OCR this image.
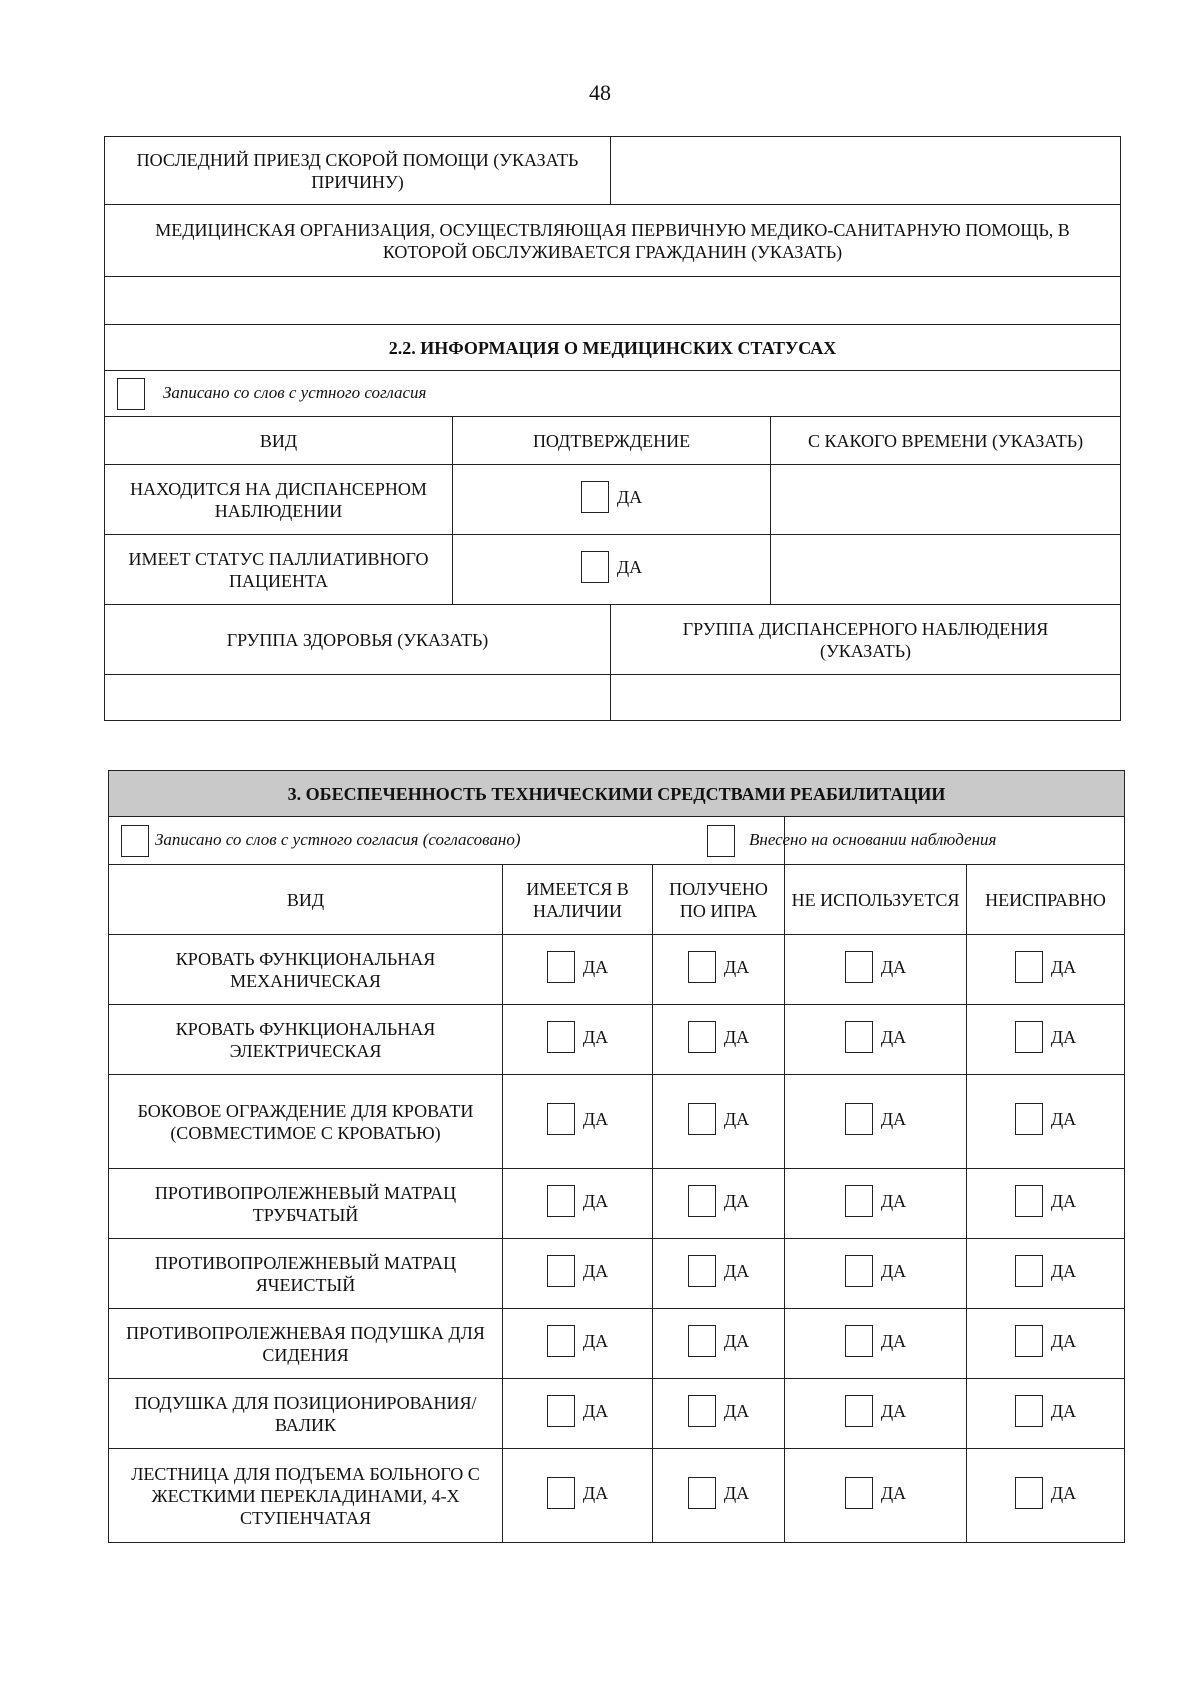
48
ПОСЛЕДНИЙ ПРИЕЗД СКОРОЙ ПОМОЩИ (УКАЗАТЬ ПРИЧИНУ)			
МЕДИЦИНСКАЯ ОРГАНИЗАЦИЯ, ОСУЩЕСТВЛЯЮЩАЯ ПЕРВИЧНУЮ МЕДИКО-САНИТАРНУЮ ПОМОЩЬ, В КОТОРОЙ ОБСЛУЖИВАЕТСЯ ГРАЖДАНИН (УКАЗАТЬ)			

2.2. ИНФОРМАЦИЯ О МЕДИЦИНСКИХ СТАТУСАХ			
Записано со слов с устного согласия			
ВИД	ПОДТВЕРЖДЕНИЕ		С КАКОГО ВРЕМЕНИ (УКАЗАТЬ)
НАХОДИТСЯ НА ДИСПАНСЕРНОМ НАБЛЮДЕНИИ	ДА		

ИМЕЕТ СТАТУС ПАЛЛИАТИВНОГО ПАЦИЕНТА	ДА		

ГРУППА ЗДОРОВЬЯ (УКАЗАТЬ)	ГРУППА ДИСПАНСЕРНОГО НАБЛЮДЕНИЯ (УКАЗАТЬ)

3. ОБЕСПЕЧЕННОСТЬ ТЕХНИЧЕСКИМИ СРЕДСТВАМИ РЕАБИЛИТАЦИИ				
Записано со слов с устного согласия (согласовано)			Внесено на основании наблюдения	
ВИД	ИМЕЕТСЯ В НАЛИЧИИ	ПОЛУЧЕНО ПО ИПРА	НЕ ИСПОЛЬЗУЕТСЯ	НЕИСПРАВНО
КРОВАТЬ ФУНКЦИОНАЛЬНАЯ МЕХАНИЧЕСКАЯ	ДА	ДА	ДА	ДА

КРОВАТЬ ФУНКЦИОНАЛЬНАЯ ЭЛЕКТРИЧЕСКАЯ	ДА	ДА	ДА	ДА

БОКОВОЕ ОГРАЖДЕНИЕ ДЛЯ КРОВАТИ (СОВМЕСТИМОЕ С КРОВАТЬЮ)	ДА	ДА	ДА	ДА

ПРОТИВОПРОЛЕЖНЕВЫЙ МАТРАЦ ТРУБЧАТЫЙ	ДА	ДА	ДА	ДА

ПРОТИВОПРОЛЕЖНЕВЫЙ МАТРАЦ ЯЧЕИСТЫЙ	ДА	ДА	ДА	ДА

ПРОТИВОПРОЛЕЖНЕВАЯ ПОДУШКА ДЛЯ СИДЕНИЯ	ДА	ДА	ДА	ДА

ПОДУШКА ДЛЯ ПОЗИЦИОНИРОВАНИЯ/ВАЛИК	ДА	ДА	ДА	ДА

ЛЕСТНИЦА ДЛЯ ПОДЪЕМА БОЛЬНОГО С ЖЕСТКИМИ ПЕРЕКЛАДИНАМИ, 4-Х СТУПЕНЧАТАЯ	ДА	ДА	ДА	ДА
